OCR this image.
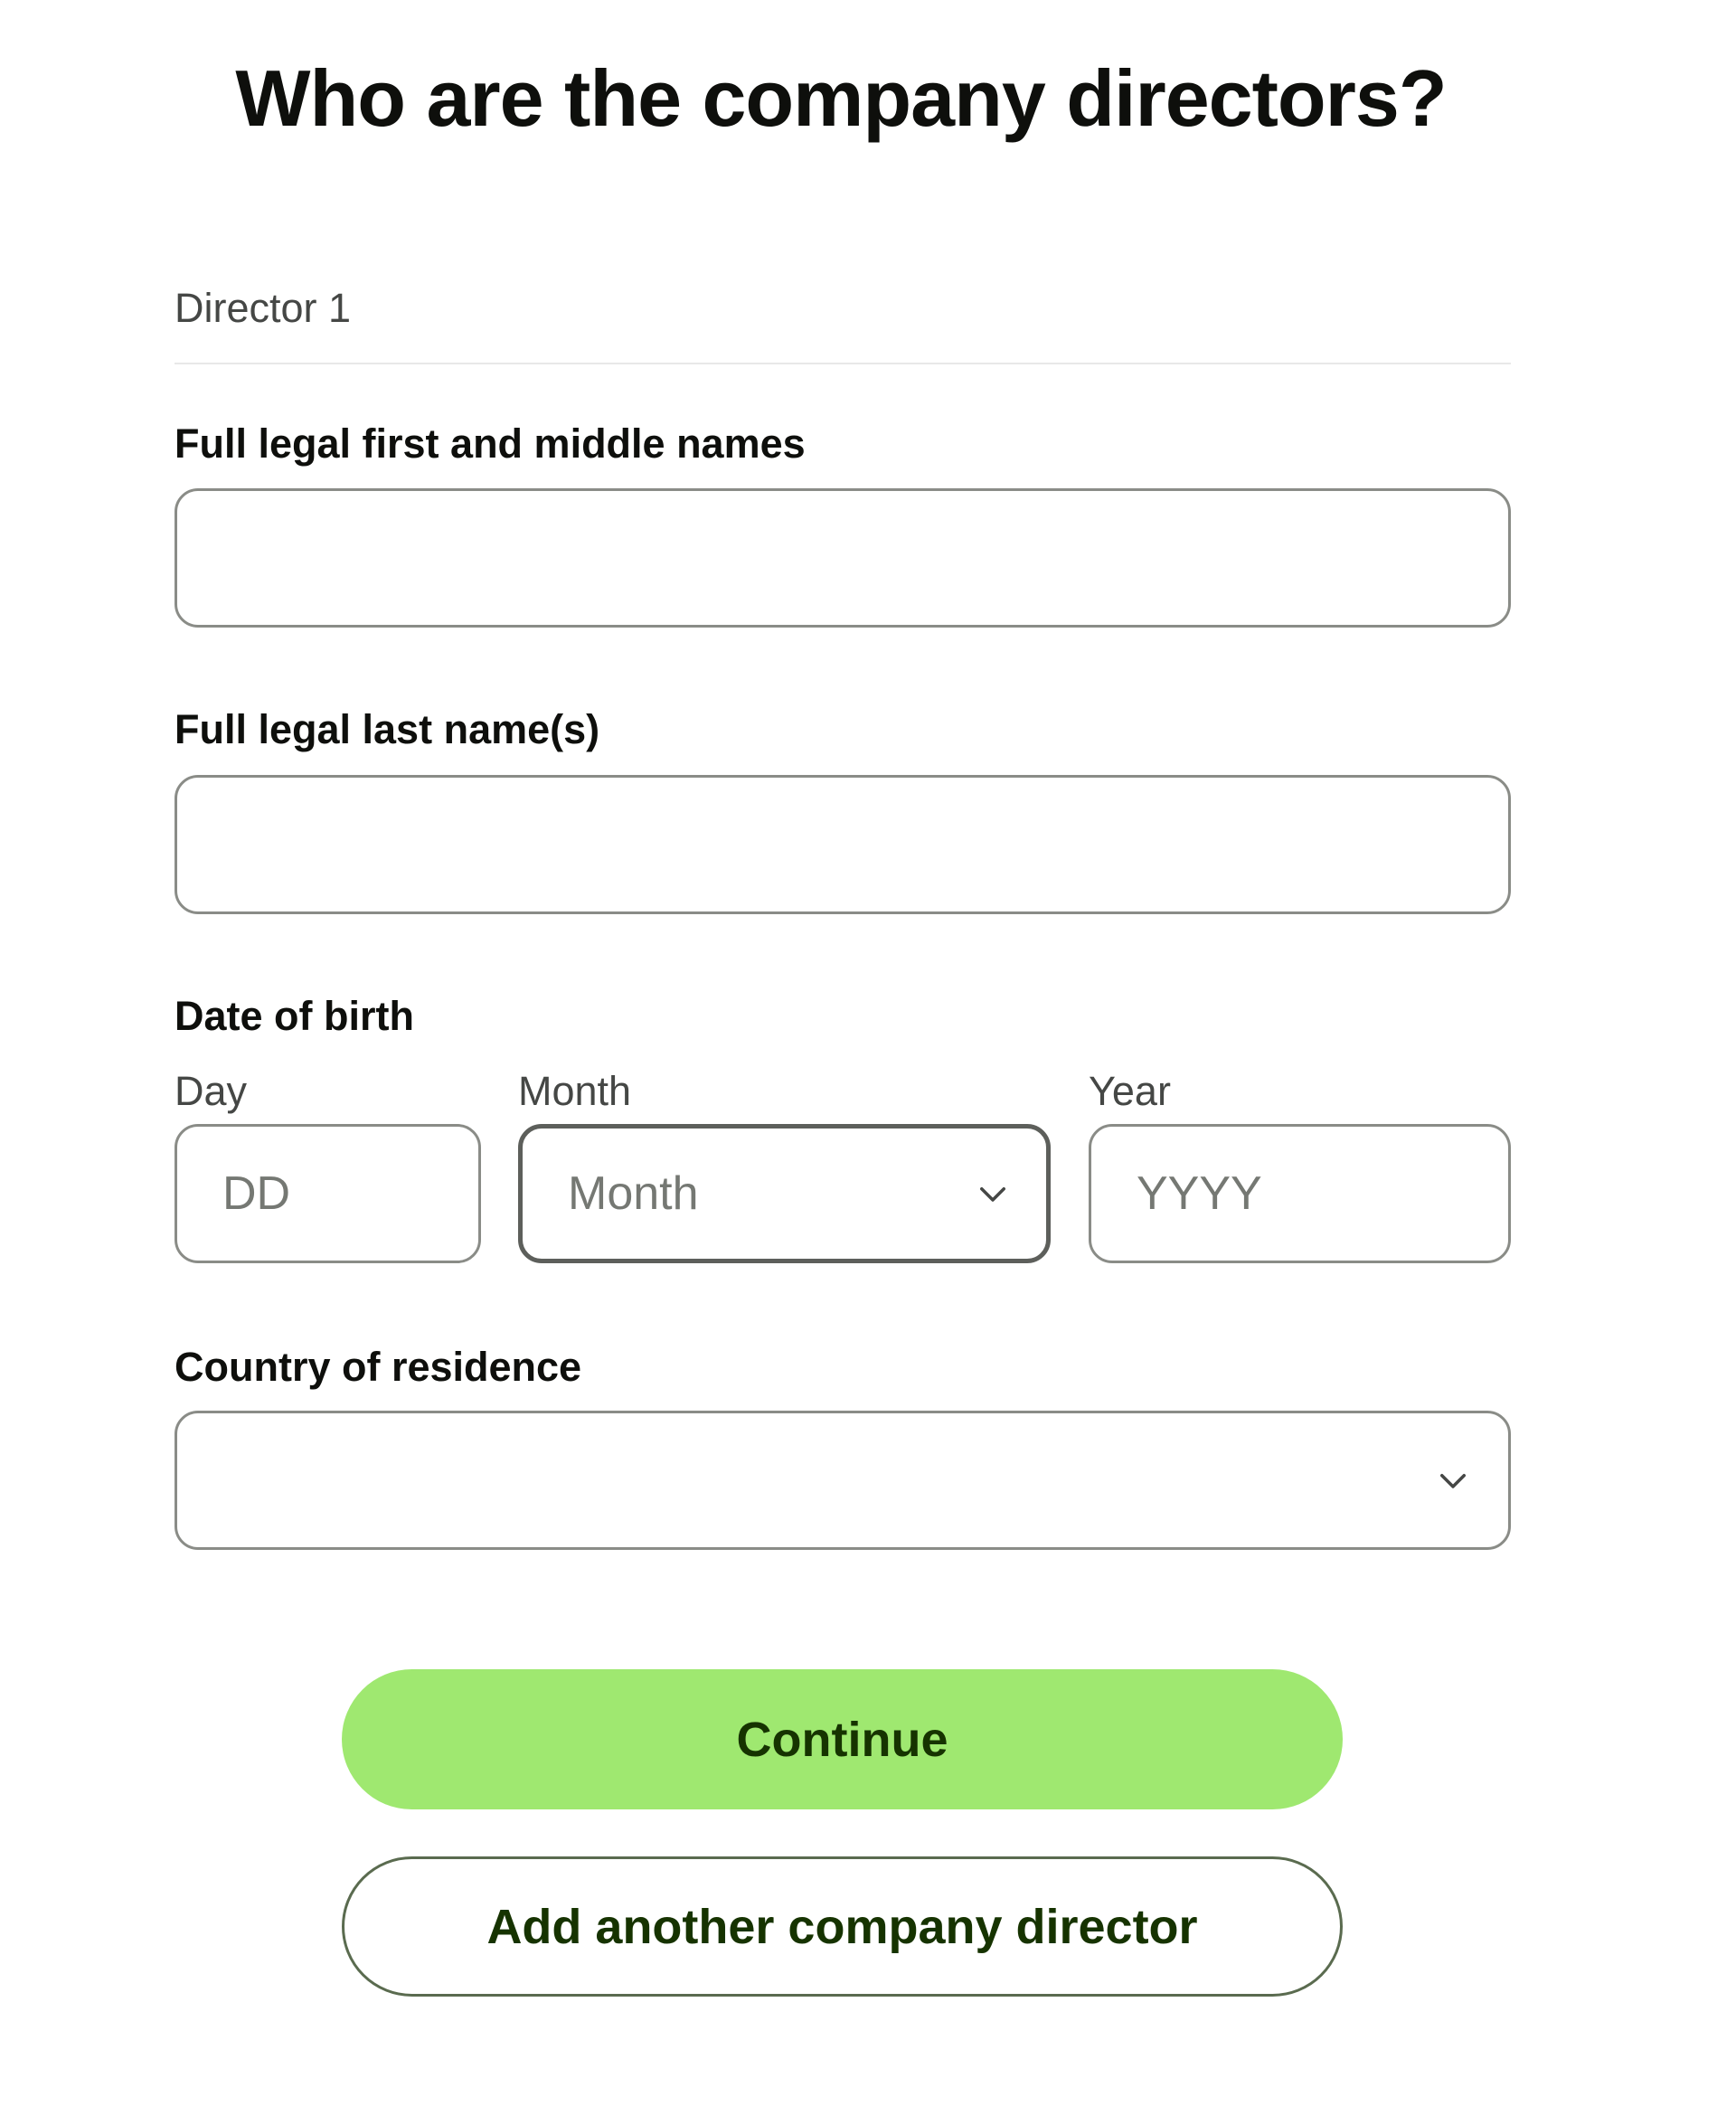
Who are the company directors?
Director 1
Full legal first and middle names
Full legal last name(s)
Date of birth
Day
DD
Month
Month
Year
YYYY
Country of residence
Continue
Add another company director
